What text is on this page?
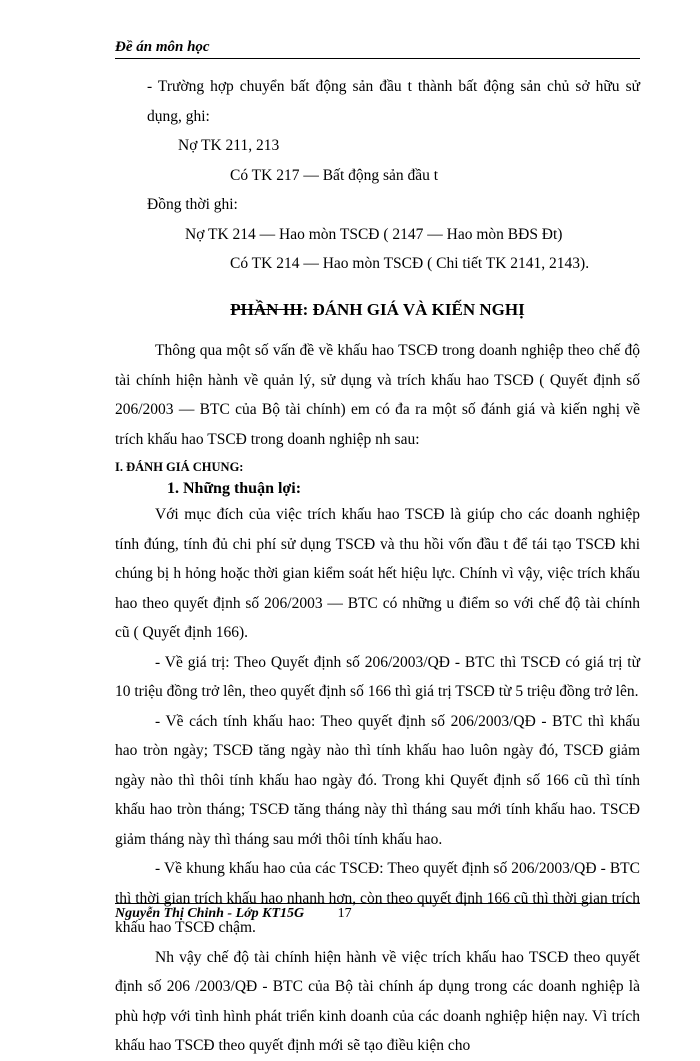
Đề án môn học

- Trường hợp chuyển bất động sản đầu t thành bất động sản chủ sở hữu sử dụng, ghi:

Nợ TK 211, 213

Có TK 217 — Bất động sản đầu t

Đồng thời ghi:

Nợ TK 214 — Hao mòn TSCĐ ( 2147 — Hao mòn BĐS Đt)

Có TK 214 — Hao mòn TSCĐ ( Chi tiết TK 2141, 2143).

PHẦN III: ĐÁNH GIÁ VÀ KIẾN NGHỊ

Thông qua một số vấn đề về khấu hao TSCĐ trong doanh nghiệp theo chế độ tài chính hiện hành về quản lý, sử dụng và trích khấu hao TSCĐ ( Quyết định số 206/2003 — BTC của Bộ tài chính) em có đa ra một số đánh giá và kiến nghị về trích khấu hao TSCĐ trong doanh nghiệp nh sau:

I. ĐÁNH GIÁ CHUNG:
1. Những thuận lợi:

Với mục đích của việc trích khấu hao TSCĐ là giúp cho các doanh nghiệp tính đúng, tính đủ chi phí sử dụng TSCĐ và thu hồi vốn đầu t để tái tạo TSCĐ khi chúng bị h hỏng hoặc thời gian kiểm soát hết hiệu lực. Chính vì vậy, việc trích khấu hao theo quyết định số 206/2003 — BTC có những u điểm so với chế độ tài chính cũ ( Quyết định 166).

- Về giá trị: Theo Quyết định số 206/2003/QĐ - BTC thì TSCĐ có giá trị từ 10 triệu đồng trở lên, theo quyết định số 166 thì giá trị TSCĐ từ 5 triệu đồng trở lên.

- Về cách tính khấu hao: Theo quyết định số 206/2003/QĐ - BTC thì khấu hao tròn ngày; TSCĐ tăng ngày nào thì tính khấu hao luôn ngày đó, TSCĐ giảm ngày nào thì thôi tính khấu hao ngày đó. Trong khi Quyết định số 166 cũ thì tính khấu hao tròn tháng; TSCĐ tăng tháng này thì tháng sau mới tính khấu hao. TSCĐ giảm tháng này thì tháng sau mới thôi tính khấu hao.

- Về khung khấu hao của các TSCĐ: Theo quyết định số 206/2003/QĐ - BTC thì thời gian trích khấu hao nhanh hơn, còn theo quyết định 166 cũ thì thời gian trích khấu hao TSCĐ chậm.

Nh vậy chế độ tài chính hiện hành về việc trích khấu hao TSCĐ theo quyết định số 206 /2003/QĐ - BTC của Bộ tài chính áp dụng trong các doanh nghiệp là phù hợp với tình hình phát triển kinh doanh của các doanh nghiệp hiện nay. Vì trích khấu hao TSCĐ theo quyết định mới sẽ tạo điều kiện cho

Nguyễn Thị Chinh - Lớp KT15G 17
